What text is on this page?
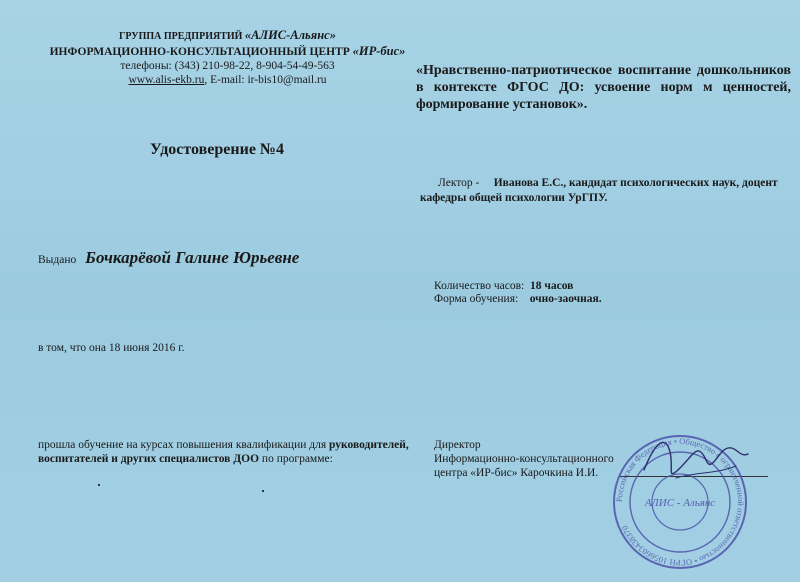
ГРУППА ПРЕДПРИЯТИЙ «АЛИС-Альянс»
ИНФОРМАЦИОННО-КОНСУЛЬТАЦИОННЫЙ ЦЕНТР «ИР-бис»
телефоны: (343) 210-98-22, 8-904-54-49-563
www.alis-ekb.ru, E-mail: ir-bis10@mail.ru
Удостоверение №4
Выдано Бочкарёвой Галине Юрьевне
в том, что она 18 июня 2016 г.
прошла обучение на курсах повышения квалификации для руководителей, воспитателей и других специалистов ДОО по программе:
«Нравственно-патриотическое воспитание дошкольников в контексте ФГОС ДО: усвоение норм м ценностей, формирование установок».
Лектор - Иванова Е.С., кандидат психологических наук, доцент кафедры общей психологии УрГПУ.
Количество часов: 18 часов
Форма обучения: очно-заочная.
Директор
Информационно-консультационного
центра «ИР-бис» Карочкина И.И.
Российская Федерация • Общество с ограниченной ответственностью • ОГРН 1056603438370
АЛИС - Альянс
